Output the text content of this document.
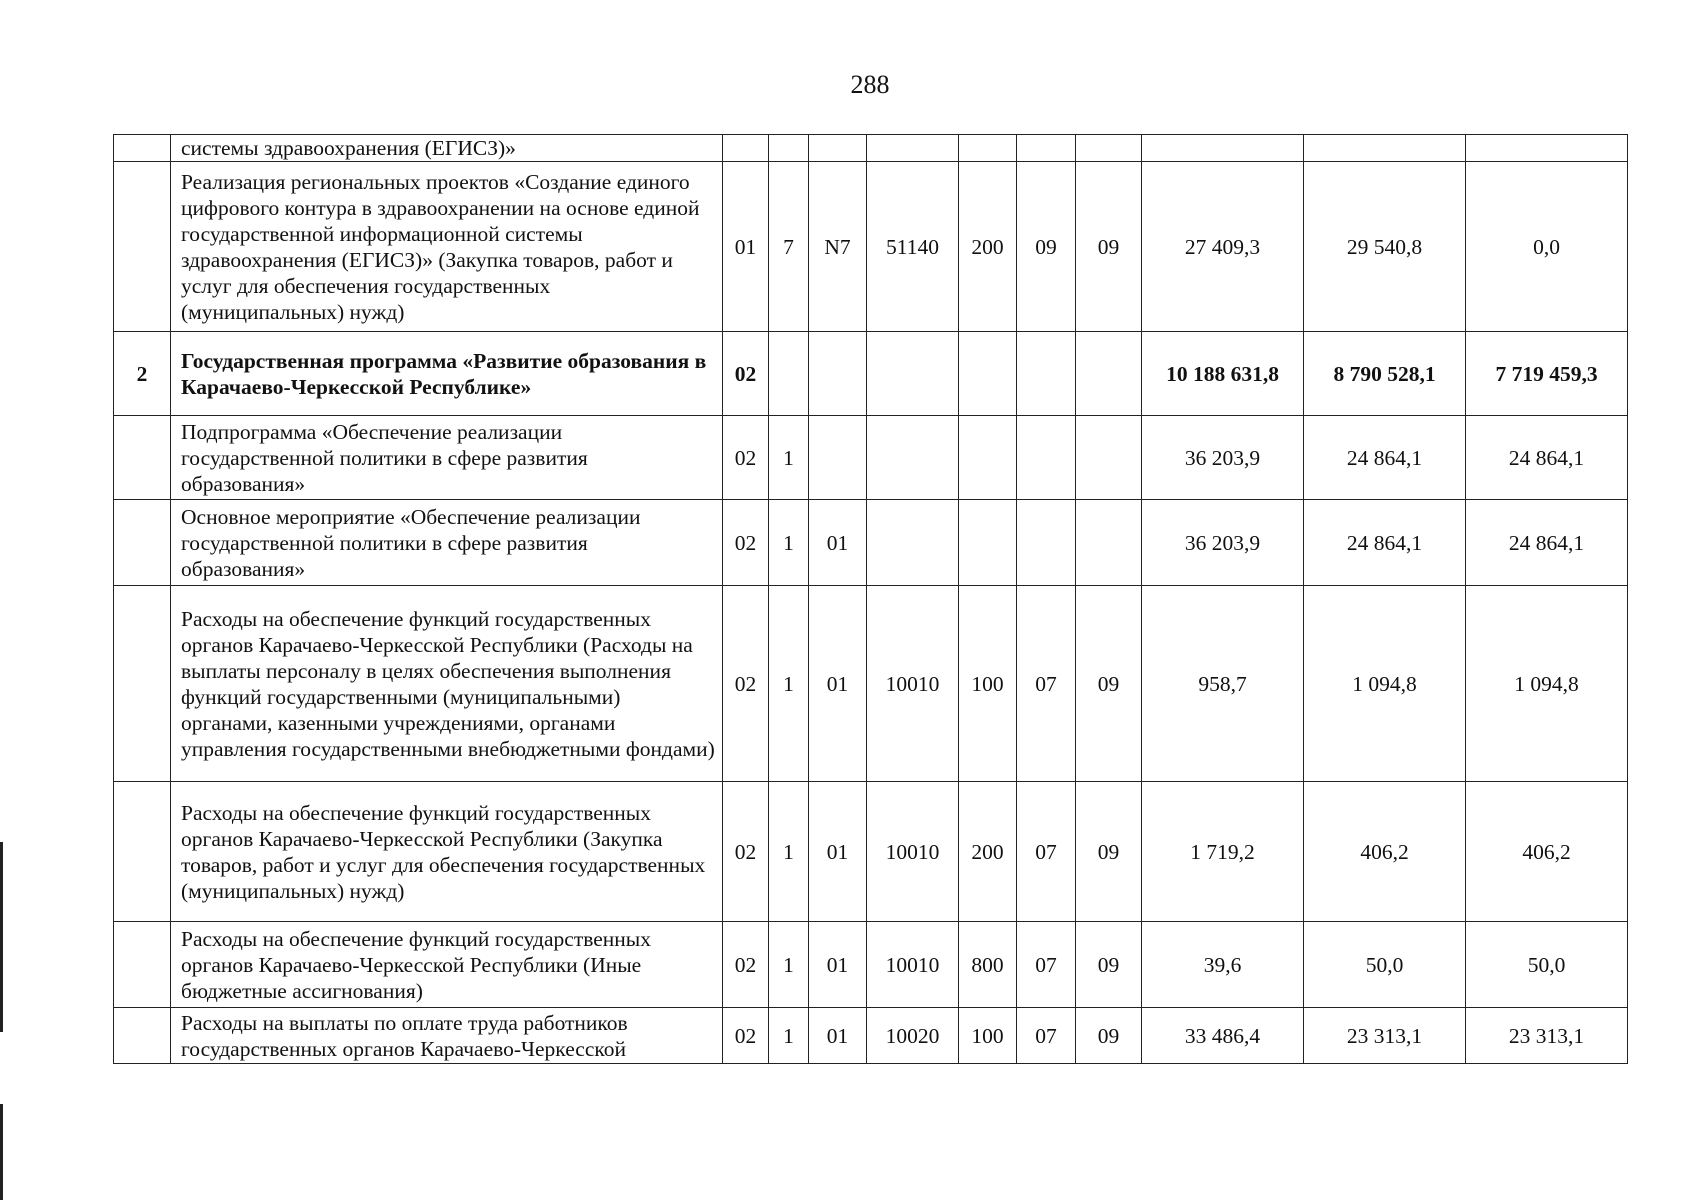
288
	системы здравоохранения (ЕГИСЗ)»										
	Реализация региональных проектов «Создание единого цифрового контура в здравоохранении на основе единой государственной информационной системы здравоохранения (ЕГИСЗ)» (Закупка товаров, работ и услуг для обеспечения государственных (муниципальных) нужд)	01	7	N7	51140	200	09	09	27 409,3	29 540,8	0,0
2	Государственная программа «Развитие образования в Карачаево-Черкесской Республике»	02							10 188 631,8	8 790 528,1	7 719 459,3
	Подпрограмма «Обеспечение реализации государственной политики в сфере развития образования»	02	1						36 203,9	24 864,1	24 864,1
	Основное мероприятие «Обеспечение реализации государственной политики в сфере развития образования»	02	1	01					36 203,9	24 864,1	24 864,1
	Расходы на обеспечение функций государственных органов Карачаево-Черкесской Республики (Расходы на выплаты персоналу в целях обеспечения выполнения функций государственными (муниципальными) органами, казенными учреждениями, органами управления государственными внебюджетными фондами)	02	1	01	10010	100	07	09	958,7	1 094,8	1 094,8
	Расходы на обеспечение функций государственных органов Карачаево-Черкесской Республики (Закупка товаров, работ и услуг для обеспечения государственных (муниципальных) нужд)	02	1	01	10010	200	07	09	1 719,2	406,2	406,2
	Расходы на обеспечение функций государственных органов Карачаево-Черкесской Республики (Иные бюджетные ассигнования)	02	1	01	10010	800	07	09	39,6	50,0	50,0
	Расходы на выплаты по оплате труда работников государственных органов Карачаево-Черкесской	02	1	01	10020	100	07	09	33 486,4	23 313,1	23 313,1
